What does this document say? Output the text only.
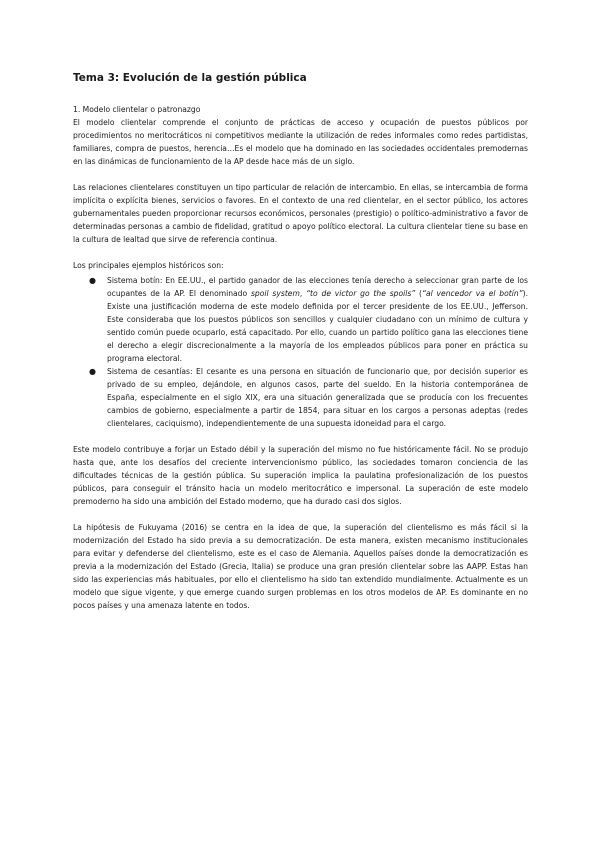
Tema 3: Evolución de la gestión pública
1. Modelo clientelar o patronazgo

El modelo clientelar comprende el conjunto de prácticas de acceso y ocupación de puestos públicos por procedimientos no meritocráticos ni competitivos mediante la utilización de redes informales como redes partidistas, familiares, compra de puestos, herencia…Es el modelo que ha dominado en las sociedades occidentales premodernas en las dinámicas de funcionamiento de la AP desde hace más de un siglo.

Las relaciones clientelares constituyen un tipo particular de relación de intercambio. En ellas, se intercambia de forma implícita o explícita bienes, servicios o favores. En el contexto de una red clientelar, en el sector público, los actores gubernamentales pueden proporcionar recursos económicos, personales (prestigio) o político-administrativo a favor de determinadas personas a cambio de fidelidad, gratitud o apoyo político electoral. La cultura clientelar tiene su base en la cultura de lealtad que sirve de referencia continua.

Los principales ejemplos históricos son:

● Sistema botín: En EE.UU., el partido ganador de las elecciones tenía derecho a seleccionar gran parte de los ocupantes de la AP. El denominado spoil system, “to de victor go the spoils” (“al vencedor va el botín”). Existe una justificación moderna de este modelo definida por el tercer presidente de los EE.UU., Jefferson. Este consideraba que los puestos públicos son sencillos y cualquier ciudadano con un mínimo de cultura y sentido común puede ocuparlo, está capacitado. Por ello, cuando un partido político gana las elecciones tiene el derecho a elegir discrecionalmente a la mayoría de los empleados públicos para poner en práctica su programa electoral.
● Sistema de cesantías: El cesante es una persona en situación de funcionario que, por decisión superior es privado de su empleo, dejándole, en algunos casos, parte del sueldo. En la historia contemporánea de España, especialmente en el siglo XIX, era una situación generalizada que se producía con los frecuentes cambios de gobierno, especialmente a partir de 1854, para situar en los cargos a personas adeptas (redes clientelares, caciquismo), independientemente de una supuesta idoneidad para el cargo.

Este modelo contribuye a forjar un Estado débil y la superación del mismo no fue históricamente fácil. No se produjo hasta que, ante los desafíos del creciente intervencionismo público, las sociedades tomaron conciencia de las dificultades técnicas de la gestión pública. Su superación implica la paulatina profesionalización de los puestos públicos, para conseguir el tránsito hacia un modelo meritocrático e impersonal. La superación de este modelo premoderno ha sido una ambición del Estado moderno, que ha durado casi dos siglos.

La hipótesis de Fukuyama (2016) se centra en la idea de que, la superación del clientelismo es más fácil si la modernización del Estado ha sido previa a su democratización. De esta manera, existen mecanismo institucionales para evitar y defenderse del clientelismo, este es el caso de Alemania. Aquellos países donde la democratización es previa a la modernización del Estado (Grecia, Italia) se produce una gran presión clientelar sobre las AAPP. Estas han sido las experiencias más habituales, por ello el clientelismo ha sido tan extendido mundialmente. Actualmente es un modelo que sigue vigente, y que emerge cuando surgen problemas en los otros modelos de AP. Es dominante en no pocos países y una amenaza latente en todos.
